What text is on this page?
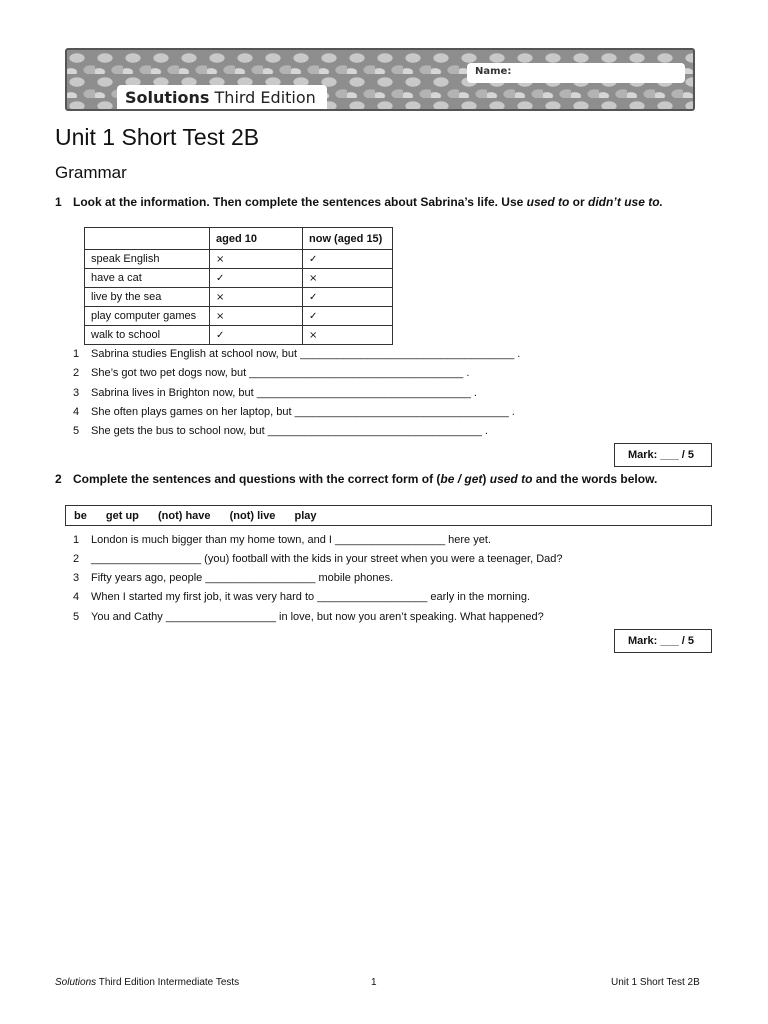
Solutions Third Edition
Name:
Unit 1 Short Test 2B
Grammar
1 Look at the information. Then complete the sentences about Sabrina’s life. Use used to or didn’t use to.
	aged 10	now (aged 15)
speak English	×	✓
have a cat	✓	×
live by the sea	×	✓
play computer games	×	✓
walk to school	✓	×
1 Sabrina studies English at school now, but ___________________________________ .
2 She’s got two pet dogs now, but ___________________________________ .
3 Sabrina lives in Brighton now, but ___________________________________ .
4 She often plays games on her laptop, but ___________________________________ .
5 She gets the bus to school now, but ___________________________________ .
Mark: ___ / 5
2 Complete the sentences and questions with the correct form of (be / get) used to and the words below.
be get up (not) have (not) live play
1 London is much bigger than my home town, and I __________________ here yet.
2 __________________ (you) football with the kids in your street when you were a teenager, Dad?
3 Fifty years ago, people __________________ mobile phones.
4 When I started my first job, it was very hard to __________________ early in the morning.
5 You and Cathy __________________ in love, but now you aren’t speaking. What happened?
Mark: ___ / 5
Solutions Third Edition Intermediate Tests	1	Unit 1 Short Test 2B
